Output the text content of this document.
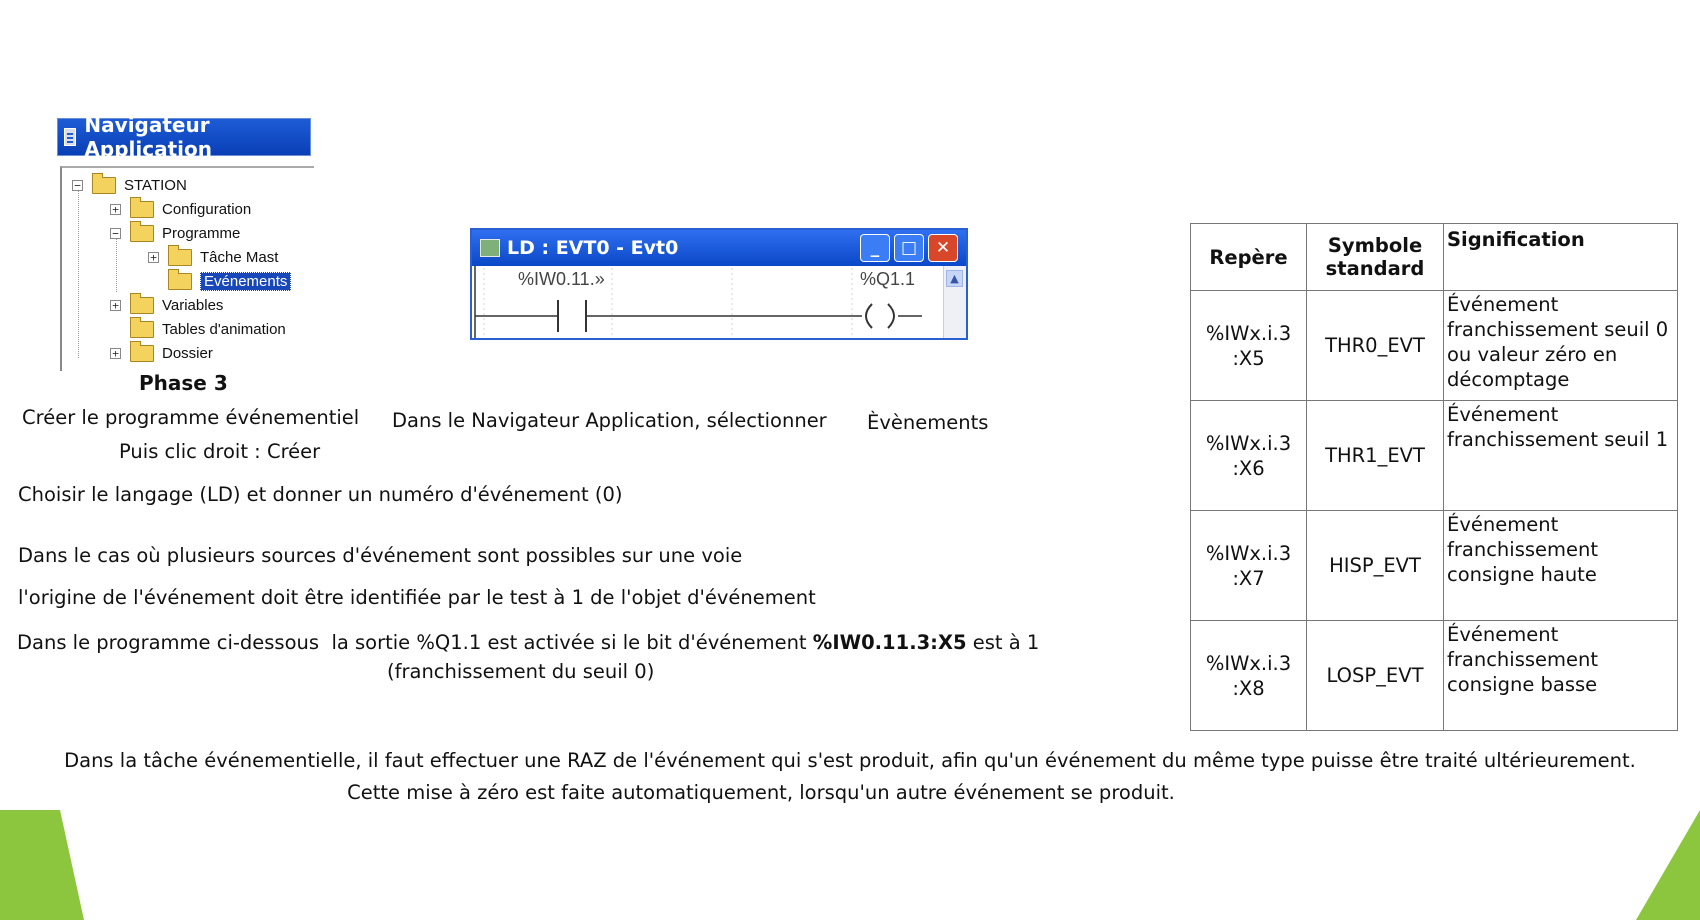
Navigateur Application
−	STATION
+	Configuration
−	Programme
+	Tâche Mast
Evénements
+	Variables
Tables d'animation
+	Dossier
Phase 3
LD : EVT0 - Evt0	_	□	✕
%IW0.11.»	%Q1.1	▲
Créer le programme événementiel Dans le Navigateur Application, sélectionner Èvènements
Puis clic droit : Créer
Choisir le langage (LD) et donner un numéro d'événement (0)
Dans le cas où plusieurs sources d'événement sont possibles sur une voie
l'origine de l'événement doit être identifiée par le test à 1 de l'objet d'événement
Dans le programme ci-dessous  la sortie %Q1.1 est activée si le bit d'événement %IW0.11.3:X5 est à 1
(franchissement du seuil 0)
Dans la tâche événementielle, il faut effectuer une RAZ de l'événement qui s'est produit, afin qu'un événement du même type puisse être traité ultérieurement.
Cette mise à zéro est faite automatiquement, lorsqu'un autre événement se produit.
Repère	Symbole standard	Signification
%IWx.i.3 :X5	THR0_EVT	Événement franchissement seuil 0 ou valeur zéro en décomptage
%IWx.i.3 :X6	THR1_EVT	Événement franchissement seuil 1
%IWx.i.3 :X7	HISP_EVT	Événement franchissement consigne haute
%IWx.i.3 :X8	LOSP_EVT	Événement franchissement consigne basse
